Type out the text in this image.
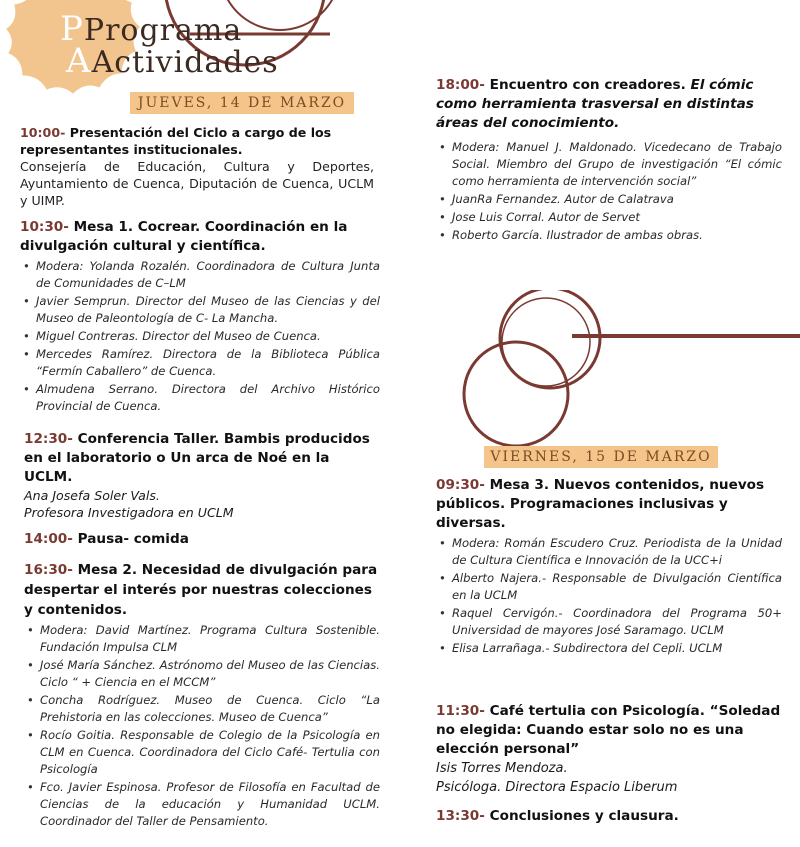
PPrograma
AActividades
JUEVES, 14 DE MARZO
10:00- Presentación del Ciclo a cargo de los representantes institucionales.
Consejería de Educación, Cultura y Deportes, Ayuntamiento de Cuenca, Diputación de Cuenca, UCLM y UIMP.
10:30- Mesa 1. Cocrear. Coordinación en la divulgación cultural y científica.
• Modera: Yolanda Rozalén. Coordinadora de Cultura Junta de Comunidades de C–LM
• Javier Semprun. Director del Museo de las Ciencias y del Museo de Paleontología de C- La Mancha.
• Miguel Contreras. Director del Museo de Cuenca.
• Mercedes Ramírez. Directora de la Biblioteca Pública “Fermín Caballero” de Cuenca.
• Almudena Serrano. Directora del Archivo Histórico Provincial de Cuenca.
12:30- Conferencia Taller. Bambis producidos en el laboratorio o Un arca de Noé en la UCLM.
Ana Josefa Soler Vals.
Profesora Investigadora en UCLM
14:00- Pausa- comida
16:30- Mesa 2. Necesidad de divulgación para despertar el interés por nuestras colecciones y contenidos.
• Modera: David Martínez. Programa Cultura Sostenible. Fundación Impulsa CLM
• José María Sánchez. Astrónomo del Museo de las Ciencias. Ciclo “ + Ciencia en el MCCM”
• Concha Rodríguez. Museo de Cuenca. Ciclo “La Prehistoria en las colecciones. Museo de Cuenca”
• Rocío Goitia. Responsable de Colegio de la Psicología en CLM en Cuenca. Coordinadora del Ciclo Café- Tertulia con Psicología
• Fco. Javier Espinosa. Profesor de Filosofía en Facultad de Ciencias de la educación y Humanidad UCLM. Coordinador del Taller de Pensamiento.
18:00- Encuentro con creadores. El cómic como herramienta trasversal en distintas áreas del conocimiento.
• Modera: Manuel J. Maldonado. Vicedecano de Trabajo Social. Miembro del Grupo de investigación “El cómic como herramienta de intervención social”
• JuanRa Fernandez. Autor de Calatrava
• Jose Luis Corral. Autor de Servet
• Roberto García. Ilustrador de ambas obras.
VIERNES, 15 DE MARZO
09:30- Mesa 3. Nuevos contenidos, nuevos públicos. Programaciones inclusivas y diversas.
• Modera: Román Escudero Cruz. Periodista de la Unidad de Cultura Científica e Innovación de la UCC+i
• Alberto Najera.- Responsable de Divulgación Científica en la UCLM
• Raquel Cervigón.- Coordinadora del Programa 50+ Universidad de mayores José Saramago. UCLM
• Elisa Larrañaga.- Subdirectora del Cepli. UCLM
11:30- Café tertulia con Psicología. “Soledad no elegida: Cuando estar solo no es una elección personal”
Isis Torres Mendoza.
Psicóloga. Directora Espacio Liberum
13:30- Conclusiones y clausura.
